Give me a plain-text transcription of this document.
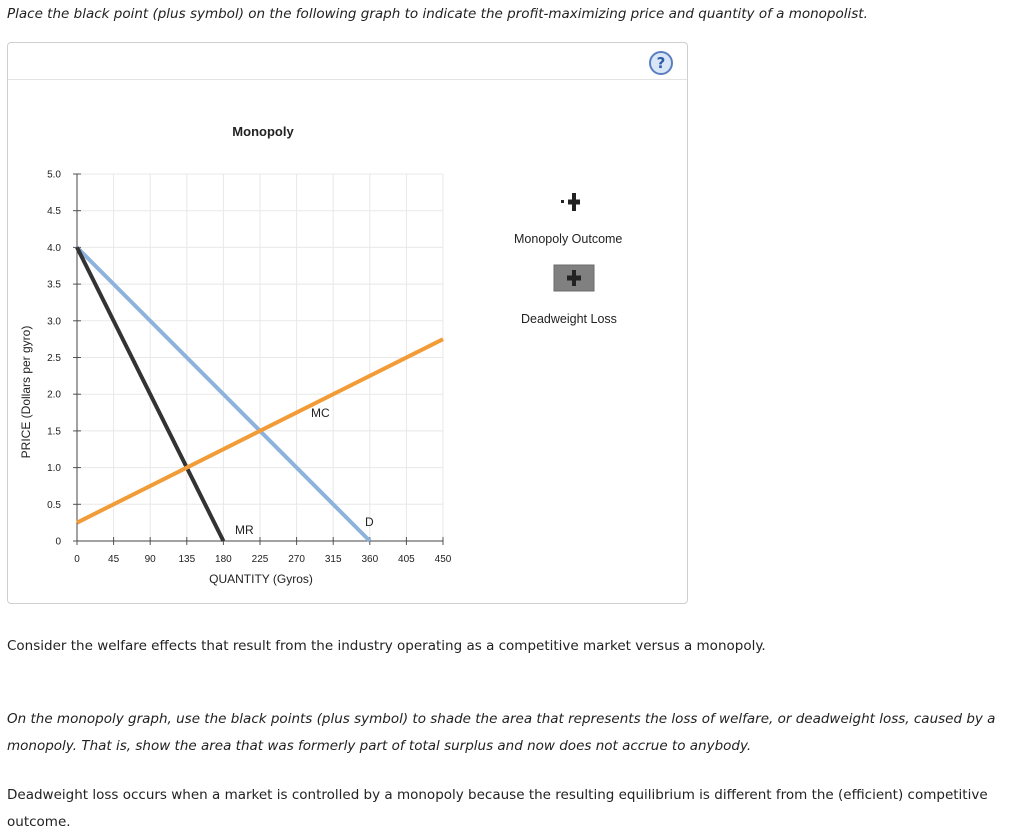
Place the black point (plus symbol) on the following graph to indicate the profit-maximizing price and quantity of a monopolist.
?
Monopoly
0	45	90 135 180 225 270 315 360 405 450
0
0.5
1.0
1.5
2.0
2.5
3.0
3.5
4.0
4.5
5.0
QUANTITY (Gyros)
PRICE (Dollars per gyro)	MC
D
MR
Monopoly Outcome
Deadweight Loss
Consider the welfare effects that result from the industry operating as a competitive market versus a monopoly.
On the monopoly graph, use the black points (plus symbol) to shade the area that represents the loss of welfare, or deadweight loss, caused by a monopoly. That is, show the area that was formerly part of total surplus and now does not accrue to anybody.
Deadweight loss occurs when a market is controlled by a monopoly because the resulting equilibrium is different from the (efficient) competitive outcome.
